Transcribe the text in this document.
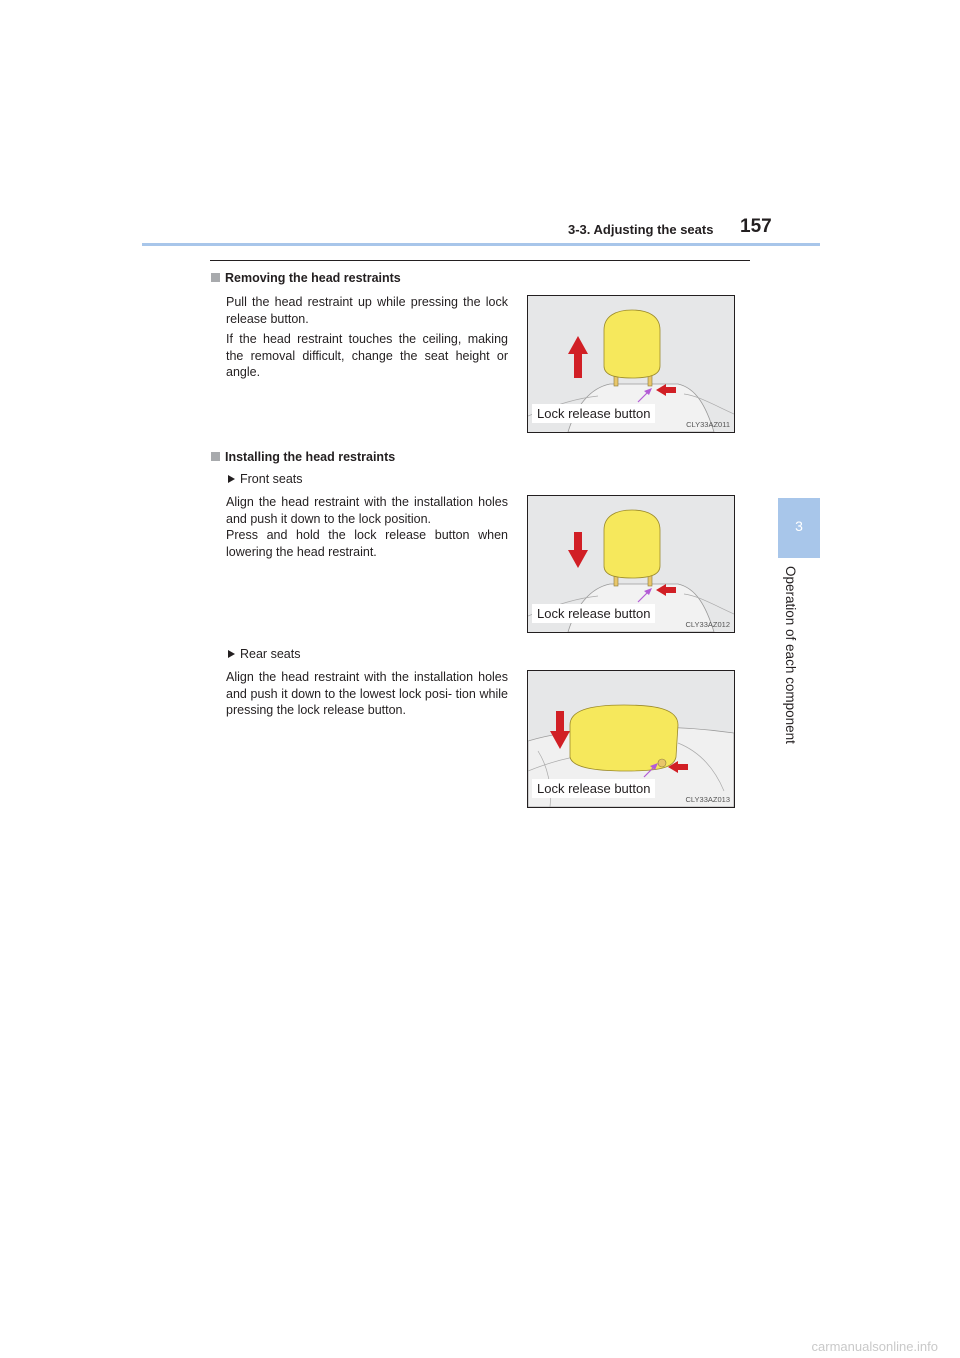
3-3. Adjusting the seats 157
3
Operation of each component
Removing the head restraints

Pull the head restraint up while pressing the lock release button.

If the head restraint touches the ceiling, making the removal difficult, change the seat height or angle.

Lock release button
CLY33AZ011
Installing the head restraints
Front seats

Align the head restraint with the installation holes and push it down to the lock position.

Press and hold the lock release button when lowering the head restraint.

Lock release button
CLY33AZ012
Rear seats

Align the head restraint with the installation holes and push it down to the lowest lock posi- tion while pressing the lock release button.

Lock release button
CLY33AZ013
carmanualsonline.info
